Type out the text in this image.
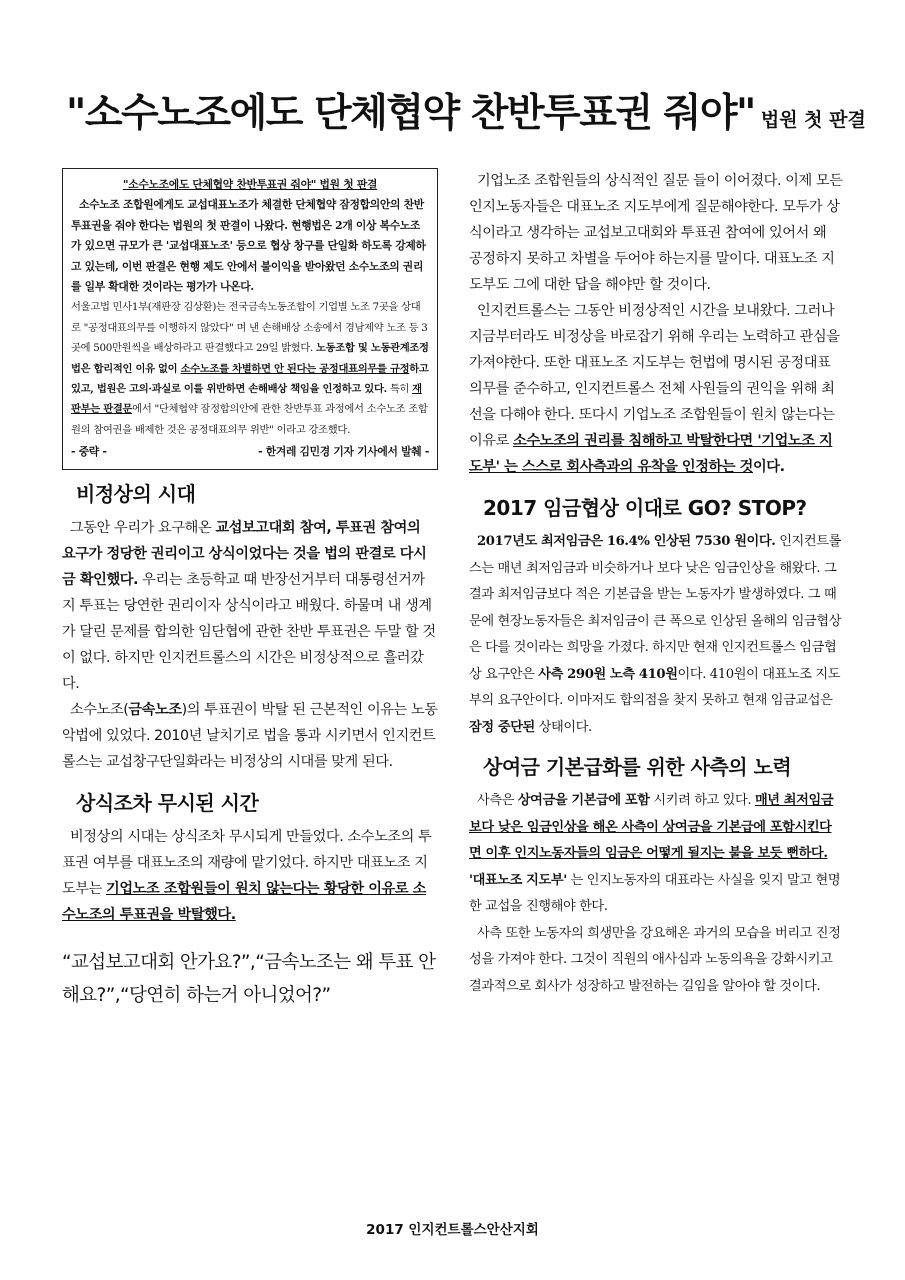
"소수노조에도 단체협약 찬반투표권 줘야" 법원 첫 판결
"소수노조에도 단체협약 찬반투표권 줘야" 법원 첫 판결

소수노조 조합원에게도 교섭대표노조가 체결한 단체협약 잠정합의안의 찬반투표권을 줘야 한다는 법원의 첫 판결이 나왔다. 현행법은 2개 이상 복수노조가 있으면 규모가 큰 '교섭대표노조' 등으로 협상 창구를 단일화 하도록 강제하고 있는데, 이번 판결은 현행 제도 안에서 불이익을 받아왔던 소수노조의 권리를 일부 확대한 것이라는 평가가 나온다.

서울고법 민사1부(재판장 김상환)는 전국금속노동조합이 기업별 노조 7곳을 상대로 "공정대표의무를 이행하지 않았다" 며 낸 손해배상 소송에서 경남제약 노조 등 3곳에 500만원씩을 배상하라고 판결했다고 29일 밝혔다. 노동조합 및 노동관계조정법은 합리적인 이유 없이 소수노조를 차별하면 안 된다는 공정대표의무를 규정하고 있고, 법원은 고의·과실로 이를 위반하면 손해배상 책임을 인정하고 있다. 특히 재판부는 판결문에서 "단체협약 잠정합의안에 관한 찬반투표 과정에서 소수노조 조합원의 참여권을 배제한 것은 공정대표의무 위반" 이라고 강조했다.

- 중략 -	- 한겨레 김민경 기자 기사에서 발췌 -
비정상의 시대

그동안 우리가 요구해온 교섭보고대회 참여, 투표권 참여의 요구가 정당한 권리이고 상식이었다는 것을 법의 판결로 다시금 확인했다. 우리는 초등학교 때 반장선거부터 대통령선거까지 투표는 당연한 권리이자 상식이라고 배웠다. 하물며 내 생계가 달린 문제를 합의한 임단협에 관한 찬반 투표권은 두말 할 것이 없다. 하지만 인지컨트롤스의 시간은 비정상적으로 흘러갔다.

소수노조(금속노조)의 투표권이 박탈 된 근본적인 이유는 노동악법에 있었다. 2010년 날치기로 법을 통과 시키면서 인지컨트롤스는 교섭창구단일화라는 비정상의 시대를 맞게 된다.

상식조차 무시된 시간

비정상의 시대는 상식조차 무시되게 만들었다. 소수노조의 투표권 여부를 대표노조의 재량에 맡기었다. 하지만 대표노조 지도부는 기업노조 조합원들이 원치 않는다는 황당한 이유로 소수노조의 투표권을 박탈했다.

“교섭보고대회 안가요?”,“금속노조는 왜 투표 안해요?”,“당연히 하는거 아니었어?”

기업노조 조합원들의 상식적인 질문 들이 이어졌다. 이제 모든 인지노동자들은 대표노조 지도부에게 질문해야한다. 모두가 상식이라고 생각하는 교섭보고대회와 투표권 참여에 있어서 왜 공정하지 못하고 차별을 두어야 하는지를 말이다. 대표노조 지도부도 그에 대한 답을 해야만 할 것이다.

인지컨트롤스는 그동안 비정상적인 시간을 보내왔다. 그러나 지금부터라도 비정상을 바로잡기 위해 우리는 노력하고 관심을 가져야한다. 또한 대표노조 지도부는 헌법에 명시된 공정대표의무를 준수하고, 인지컨트롤스 전체 사원들의 권익을 위해 최선을 다해야 한다. 또다시 기업노조 조합원들이 원치 않는다는 이유로 소수노조의 권리를 침해하고 박탈한다면 '기업노조 지도부' 는 스스로 회사측과의 유착을 인정하는 것이다.

2017 임금협상 이대로 GO? STOP?

2017년도 최저임금은 16.4% 인상된 7530 원이다. 인지컨트롤스는 매년 최저임금과 비슷하거나 보다 낮은 임금인상을 해왔다. 그 결과 최저임금보다 적은 기본급을 받는 노동자가 발생하였다. 그 때문에 현장노동자들은 최저임금이 큰 폭으로 인상된 올해의 임금협상은 다를 것이라는 희망을 가졌다. 하지만 현재 인지컨트롤스 임금협상 요구안은 사측 290원 노측 410원이다. 410원이 대표노조 지도부의 요구안이다. 이마저도 합의점을 찾지 못하고 현재 임금교섭은 잠정 중단된 상태이다.

상여금 기본급화를 위한 사측의 노력

사측은 상여금을 기본급에 포함 시키려 하고 있다. 매년 최저임금보다 낮은 임금인상을 해온 사측이 상여금을 기본급에 포함시킨다면 이후 인지노동자들의 임금은 어떻게 될지는 불을 보듯 뻔하다. '대표노조 지도부' 는 인지노동자의 대표라는 사실을 잊지 말고 현명한 교섭을 진행해야 한다.

사측 또한 노동자의 희생만을 강요해온 과거의 모습을 버리고 진정성을 가져야 한다. 그것이 직원의 애사심과 노동의욕을 강화시키고 결과적으로 회사가 성장하고 발전하는 길임을 알아야 할 것이다.

2017 인지컨트롤스안산지회
